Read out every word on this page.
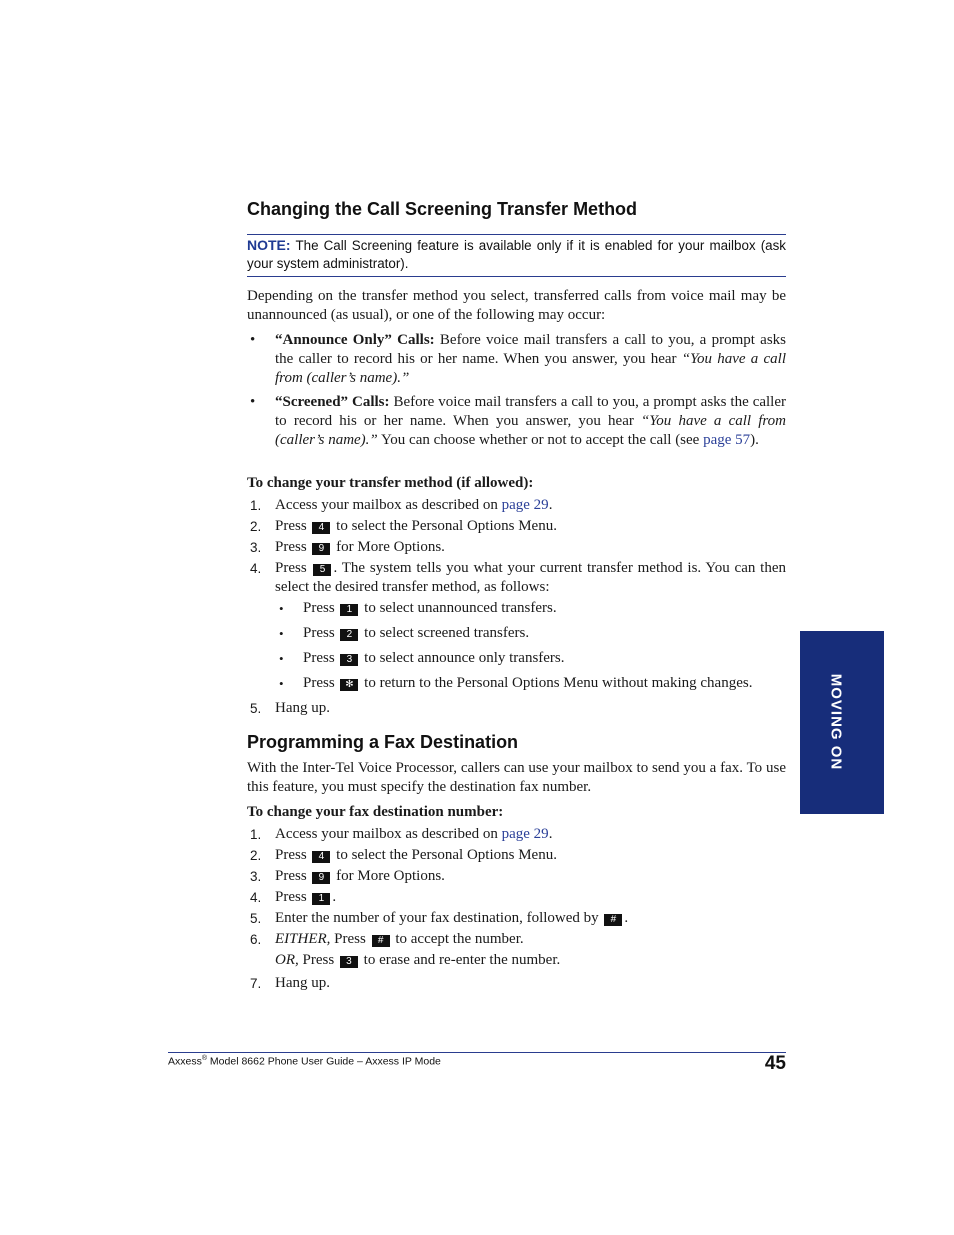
Changing the Call Screening Transfer Method
NOTE: The Call Screening feature is available only if it is enabled for your mailbox (ask your system administrator).
Depending on the transfer method you select, transferred calls from voice mail may be unannounced (as usual), or one of the following may occur:
• “Announce Only” Calls: Before voice mail transfers a call to you, a prompt asks the caller to record his or her name. When you answer, you hear “You have a call from (caller’s name).”
• “Screened” Calls: Before voice mail transfers a call to you, a prompt asks the caller to record his or her name. When you answer, you hear “You have a call from (caller’s name).” You can choose whether or not to accept the call (see page 57).
To change your transfer method (if allowed):
1. Access your mailbox as described on page 29.
2. Press 4 to select the Personal Options Menu.
3. Press 9 for More Options.
4. Press 5 . The system tells you what your current transfer method is. You can then select the desired transfer method, as follows:
• Press 1 to select unannounced transfers.
• Press 2 to select screened transfers.
• Press 3 to select announce only transfers.
• Press ✻ to return to the Personal Options Menu without making changes.
5. Hang up.
Programming a Fax Destination
With the Inter-Tel Voice Processor, callers can use your mailbox to send you a fax. To use this feature, you must specify the destination fax number.
To change your fax destination number:
1. Access your mailbox as described on page 29.
2. Press 4 to select the Personal Options Menu.
3. Press 9 for More Options.
4. Press 1 .
5. Enter the number of your fax destination, followed by # .
6. EITHER, Press # to accept the number.
OR, Press 3 to erase and re-enter the number.
7. Hang up.
MOVING ON
Axxess® Model 8662 Phone User Guide – Axxess IP Mode	45
